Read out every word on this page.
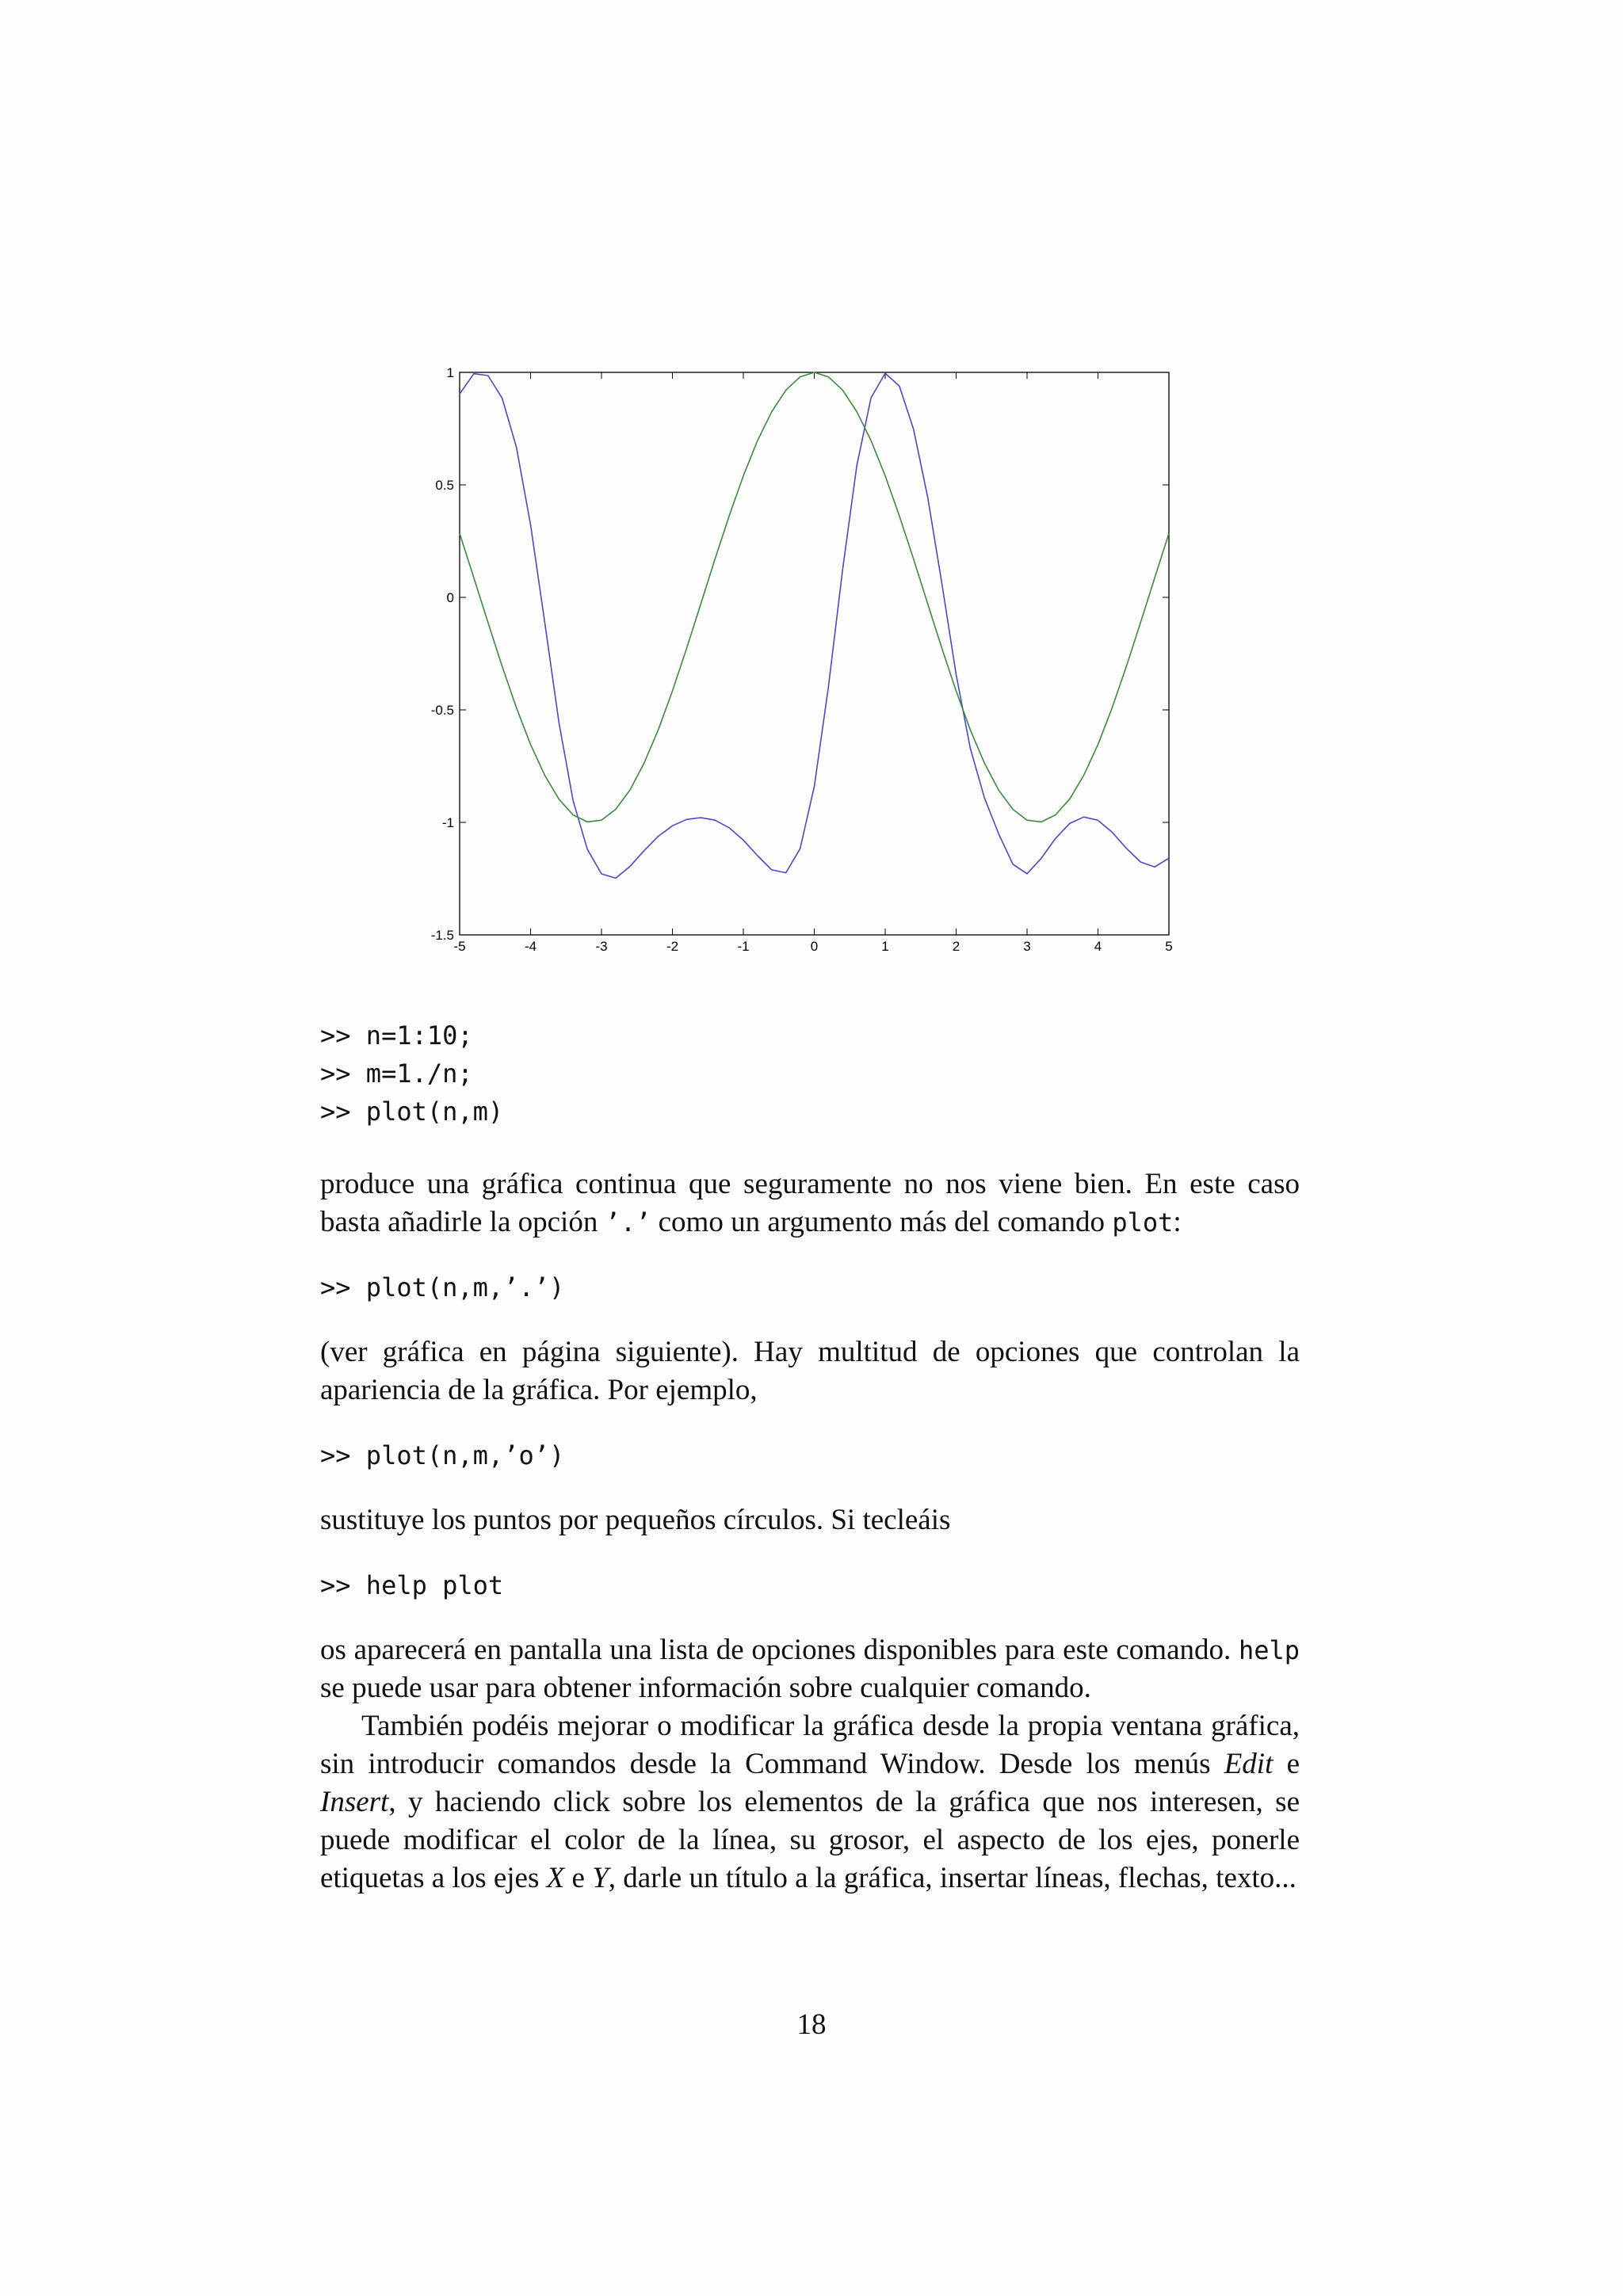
-5	-4	-3	-2	-1	0	1	2	3	4	5
1
0.5
0
-0.5
-1
-1.5
>> n=1:10;
>> m=1./n;
>> plot(n,m)

produce una gráfica continua que seguramente no nos viene bien. En este caso basta añadirle la opción ’.’ como un argumento más del comando plot:

>> plot(n,m,’.’)

(ver gráfica en página siguiente). Hay multitud de opciones que controlan la apariencia de la gráfica. Por ejemplo,

>> plot(n,m,’o’)

sustituye los puntos por pequeños círculos. Si tecleáis

>> help plot

os aparecerá en pantalla una lista de opciones disponibles para este comando. help se puede usar para obtener información sobre cualquier comando.

También podéis mejorar o modificar la gráfica desde la propia ventana gráfica, sin introducir comandos desde la Command Window. Desde los menús Edit e Insert, y haciendo click sobre los elementos de la gráfica que nos interesen, se puede modificar el color de la línea, su grosor, el aspecto de los ejes, ponerle etiquetas a los ejes X e Y, darle un título a la gráfica, insertar líneas, flechas, texto...

18
